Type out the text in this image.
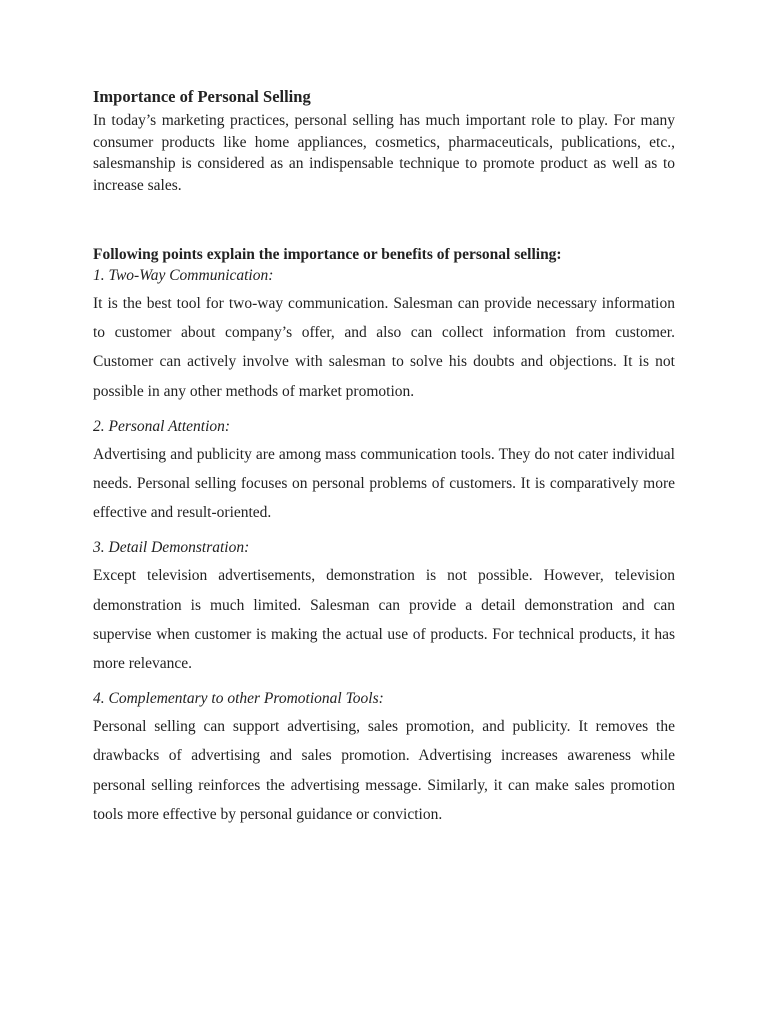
Importance of Personal Selling

In today’s marketing practices, personal selling has much important role to play. For many consumer products like home appliances, cosmetics, pharmaceuticals, publications, etc., salesmanship is considered as an indispensable technique to promote product as well as to increase sales.

Following points explain the importance or benefits of personal selling:

1. Two-Way Communication:

It is the best tool for two-way communication. Salesman can provide necessary information to customer about company’s offer, and also can collect information from customer. Customer can actively involve with salesman to solve his doubts and objections. It is not possible in any other methods of market promotion.

2. Personal Attention:

Advertising and publicity are among mass communication tools. They do not cater individual needs. Personal selling focuses on personal problems of customers. It is comparatively more effective and result-oriented.

3. Detail Demonstration:

Except television advertisements, demonstration is not possible. However, television demonstration is much limited. Salesman can provide a detail demonstration and can supervise when customer is making the actual use of products. For technical products, it has more relevance.

4. Complementary to other Promotional Tools:

Personal selling can support advertising, sales promotion, and publicity. It removes the drawbacks of advertising and sales promotion. Advertising increases awareness while personal selling reinforces the advertising message. Similarly, it can make sales promotion tools more effective by personal guidance or conviction.
